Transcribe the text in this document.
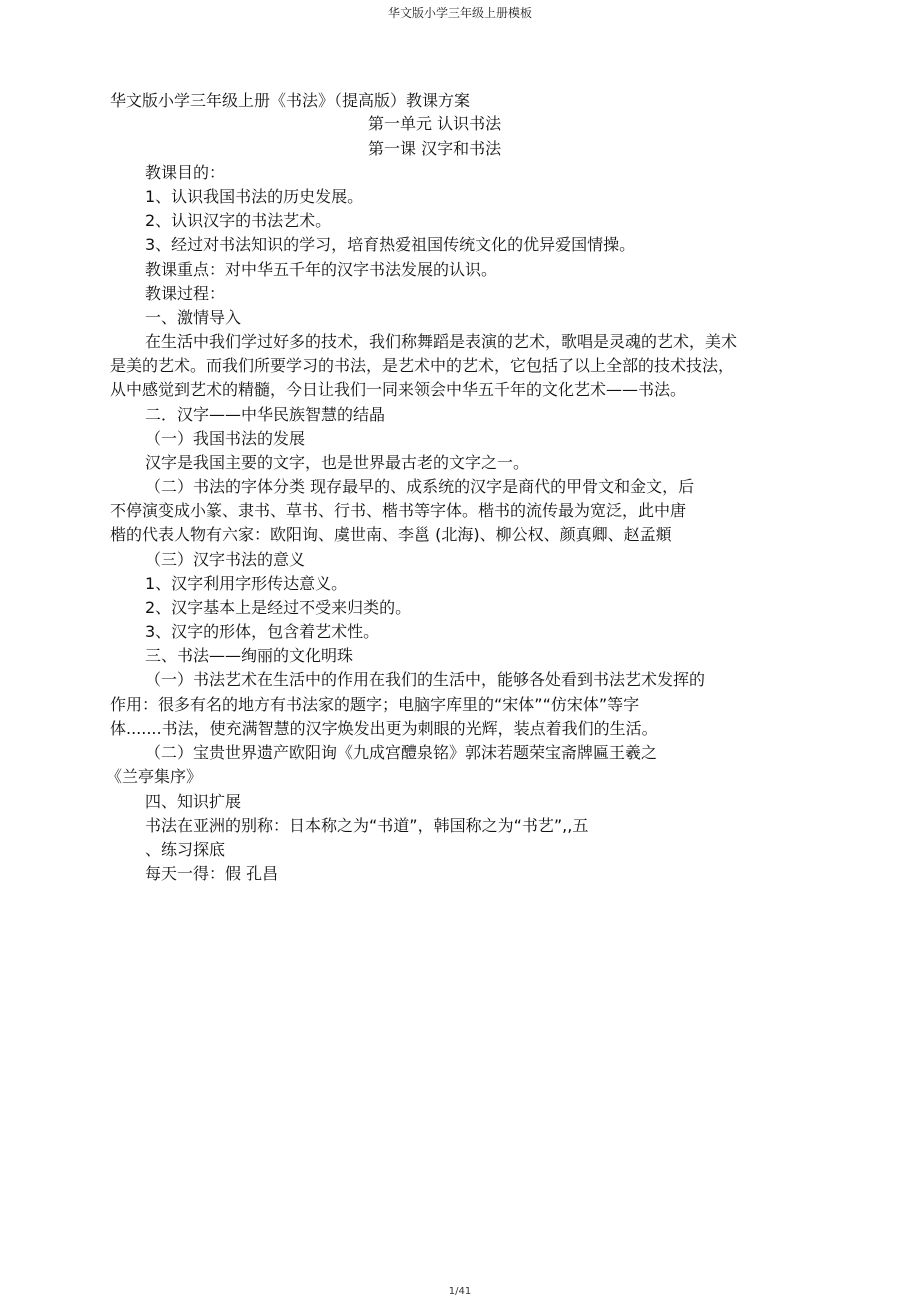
华文版小学三年级上册模板
华文版小学三年级上册《书法》（提高版）教课方案
第一单元 认识书法
第一课 汉字和书法
教课目的：
1、认识我国书法的历史发展。
2、认识汉字的书法艺术。
3、经过对书法知识的学习，培育热爱祖国传统文化的优异爱国情操。
教课重点：对中华五千年的汉字书法发展的认识。
教课过程：
一、激情导入
在生活中我们学过好多的技术，我们称舞蹈是表演的艺术，歌唱是灵魂的艺术，美术
是美的艺术。而我们所要学习的书法，是艺术中的艺术，它包括了以上全部的技术技法，
从中感觉到艺术的精髓，今日让我们一同来领会中华五千年的文化艺术——书法。
二．汉字——中华民族智慧的结晶
（一）我国书法的发展
汉字是我国主要的文字，也是世界最古老的文字之一。
（二）书法的字体分类 现存最早的、成系统的汉字是商代的甲骨文和金文，后
不停演变成小篆、隶书、草书、行书、楷书等字体。楷书的流传最为宽泛，此中唐
楷的代表人物有六家：欧阳询、虞世南、李邕 (北海)、柳公权、颜真卿、赵孟頫
（三）汉字书法的意义
1、汉字利用字形传达意义。
2、汉字基本上是经过不受来归类的。
3、汉字的形体，包含着艺术性。
三、书法——绚丽的文化明珠
（一）书法艺术在生活中的作用在我们的生活中，能够各处看到书法艺术发挥的
作用：很多有名的地方有书法家的题字；电脑字库里的“宋体”“仿宋体”等字
体.......书法，使充满智慧的汉字焕发出更为刺眼的光辉，装点着我们的生活。
（二）宝贵世界遗产欧阳询《九成宫醴泉铭》郭沫若题荣宝斋牌匾王羲之
《兰亭集序》
四、知识扩展
书法在亚洲的别称：日本称之为“书道”，韩国称之为“书艺”,,五
、练习探底
每天一得：假 孔昌
1/41
